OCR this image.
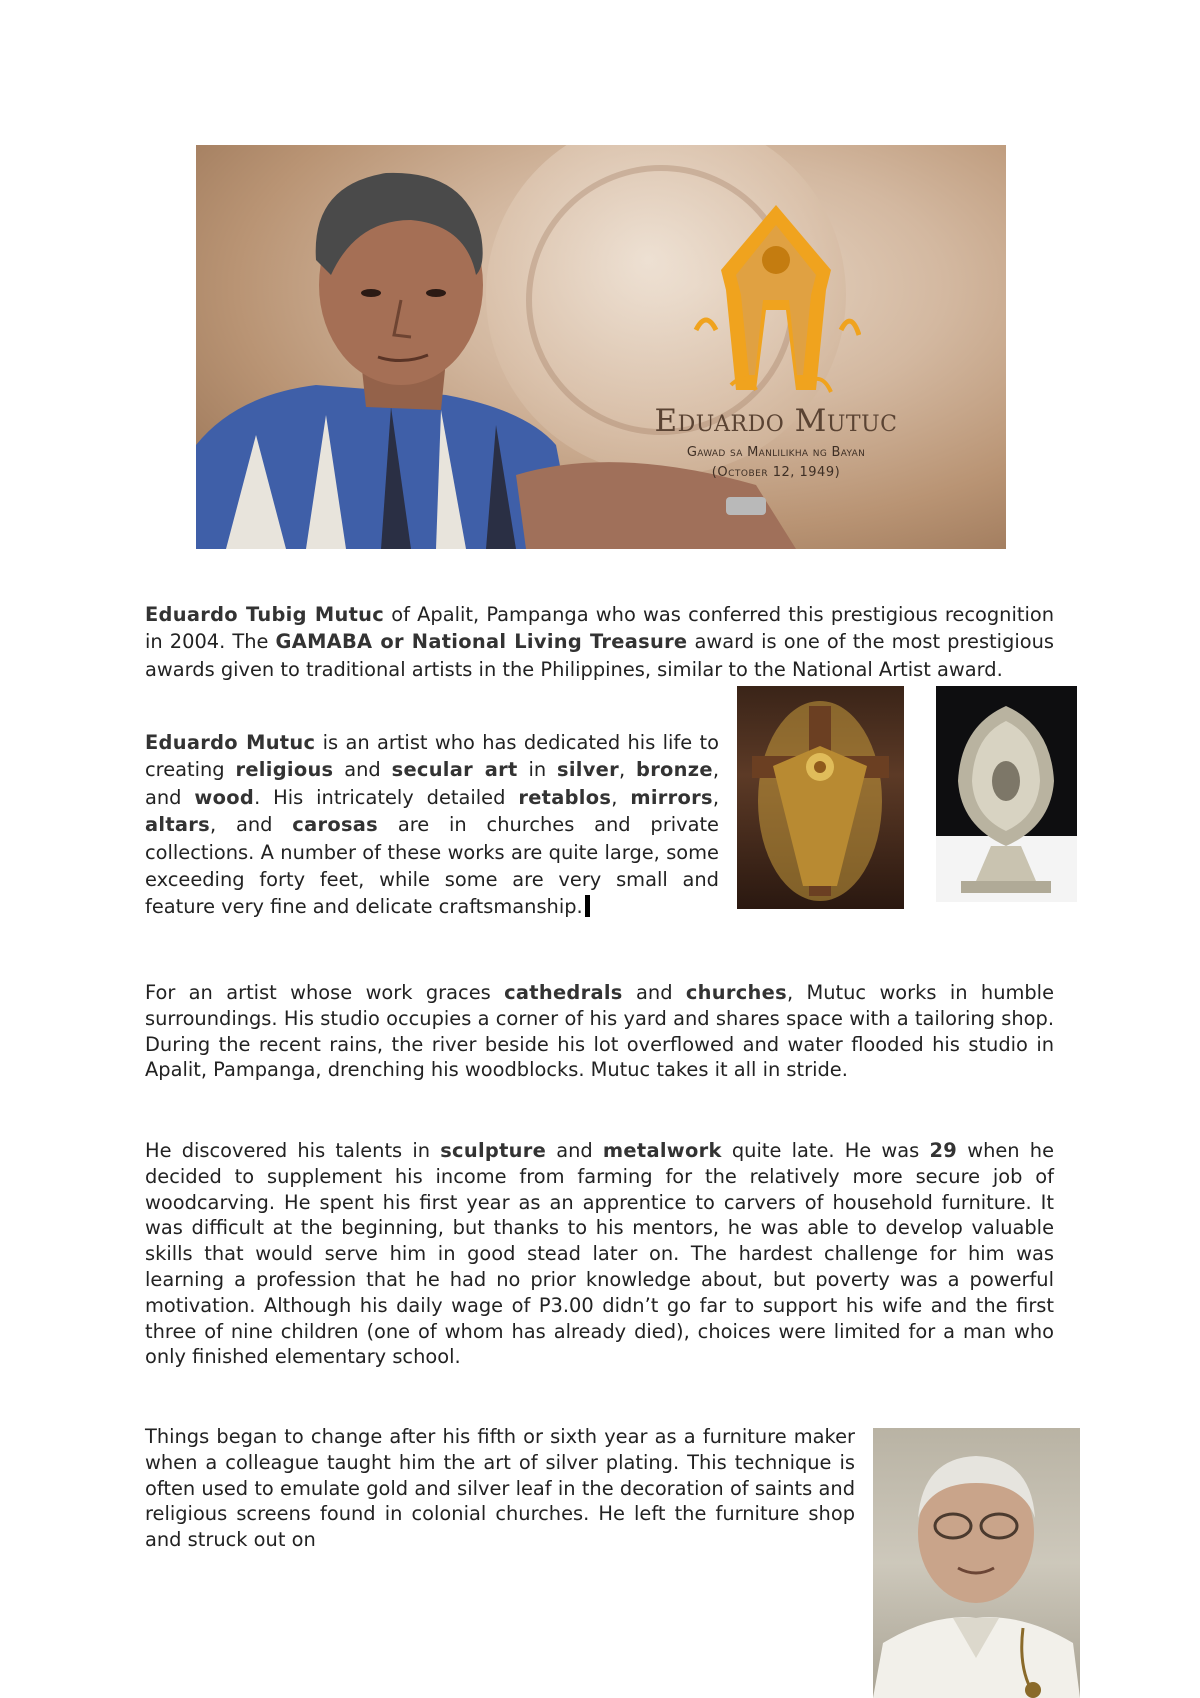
Eduardo Mutuc
Gawad sa Manlilikha ng Bayan
(October 12, 1949)

Eduardo Tubig Mutuc of Apalit, Pampanga who was conferred this prestigious recognition in 2004. The GAMABA or National Living Treasure award is one of the most prestigious awards given to traditional artists in the Philippines, similar to the National Artist award.

Eduardo Mutuc is an artist who has dedicated his life to creating religious and secular art in silver, bronze, and wood. His intricately detailed retablos, mirrors, altars, and carosas are in churches and private collections. A number of these works are quite large, some exceeding forty feet, while some are very small and feature very fine and delicate craftsmanship.

For an artist whose work graces cathedrals and churches, Mutuc works in humble surroundings. His studio occupies a corner of his yard and shares space with a tailoring shop. During the recent rains, the river beside his lot overflowed and water flooded his studio in Apalit, Pampanga, drenching his woodblocks. Mutuc takes it all in stride.

He discovered his talents in sculpture and metalwork quite late. He was 29 when he decided to supplement his income from farming for the relatively more secure job of woodcarving. He spent his first year as an apprentice to carvers of household furniture. It was difficult at the beginning, but thanks to his mentors, he was able to develop valuable skills that would serve him in good stead later on. The hardest challenge for him was learning a profession that he had no prior knowledge about, but poverty was a powerful motivation. Although his daily wage of P3.00 didn’t go far to support his wife and the first three of nine children (one of whom has already died), choices were limited for a man who only finished elementary school.

Things began to change after his fifth or sixth year as a furniture maker when a colleague taught him the art of silver plating. This technique is often used to emulate gold and silver leaf in the decoration of saints and religious screens found in colonial churches. He left the furniture shop and struck out on
